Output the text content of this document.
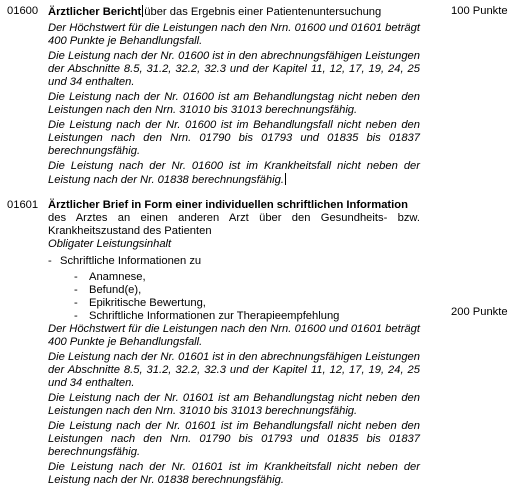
01600	100 Punkte
Ärztlicher Bericht über das Ergebnis einer Patientenuntersuchung

Der Höchstwert für die Leistungen nach den Nrn. 01600 und 01601 beträgt 400 Punkte je Behandlungsfall.

Die Leistung nach der Nr. 01600 ist in den abrechnungsfähigen Leistungen der Abschnitte 8.5, 31.2, 32.2, 32.3 und der Kapitel 11, 12, 17, 19, 24, 25 und 34 enthalten.

Die Leistung nach der Nr. 01600 ist am Behandlungstag nicht neben den Leistungen nach den Nrn. 31010 bis 31013 berechnungsfähig.

Die Leistung nach der Nr. 01600 ist im Behandlungsfall nicht neben den Leistungen nach den Nrn. 01790 bis 01793 und 01835 bis 01837 berechnungsfähig.

Die Leistung nach der Nr. 01600 ist im Krankheitsfall nicht neben der Leistung nach der Nr. 01838 berechnungsfähig.

01601
200 Punkte
Ärztlicher Brief in Form einer individuellen schriftlichen Information
des Arztes an einen anderen Arzt über den Gesundheits- bzw. Krankheitszustand des Patienten
Obligater Leistungsinhalt
- Schriftliche Informationen zu
- Anamnese,
- Befund(e),
- Epikritische Bewertung,
- Schriftliche Informationen zur Therapieempfehlung

Der Höchstwert für die Leistungen nach den Nrn. 01600 und 01601 beträgt 400 Punkte je Behandlungsfall.

Die Leistung nach der Nr. 01601 ist in den abrechnungsfähigen Leistungen der Abschnitte 8.5, 31.2, 32.2, 32.3 und der Kapitel 11, 12, 17, 19, 24, 25 und 34 enthalten.

Die Leistung nach der Nr. 01601 ist am Behandlungstag nicht neben den Leistungen nach den Nrn. 31010 bis 31013 berechnungsfähig.

Die Leistung nach der Nr. 01601 ist im Behandlungsfall nicht neben den Leistungen nach den Nrn. 01790 bis 01793 und 01835 bis 01837 berechnungsfähig.

Die Leistung nach der Nr. 01601 ist im Krankheitsfall nicht neben der Leistung nach der Nr. 01838 berechnungsfähig.
